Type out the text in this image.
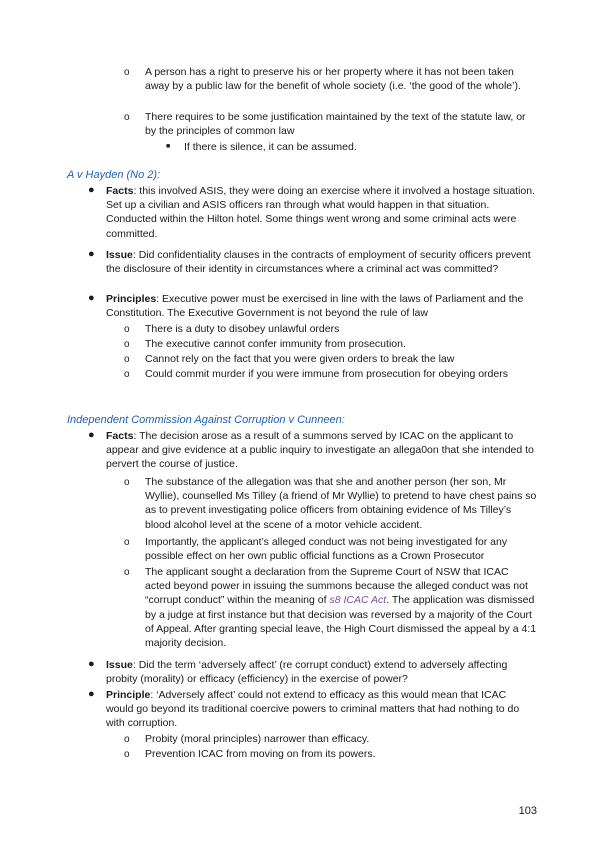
o A person has a right to preserve his or her property where it has not been taken away by a public law for the benefit of whole society (i.e. ‘the good of the whole’).
o There requires to be some justification maintained by the text of the statute law, or by the principles of common law
■ If there is silence, it can be assumed.
A v Hayden (No 2):
● Facts: this involved ASIS, they were doing an exercise where it involved a hostage situation. Set up a civilian and ASIS officers ran through what would happen in that situation. Conducted within the Hilton hotel. Some things went wrong and some criminal acts were committed.
● Issue: Did confidentiality clauses in the contracts of employment of security officers prevent the disclosure of their identity in circumstances where a criminal act was committed?
● Principles: Executive power must be exercised in line with the laws of Parliament and the Constitution. The Executive Government is not beyond the rule of law
o There is a duty to disobey unlawful orders
o The executive cannot confer immunity from prosecution.
o Cannot rely on the fact that you were given orders to break the law
o Could commit murder if you were immune from prosecution for obeying orders
Independent Commission Against Corruption v Cunneen:
● Facts: The decision arose as a result of a summons served by ICAC on the applicant to appear and give evidence at a public inquiry to investigate an allega0on that she intended to pervert the course of justice.
o The substance of the allegation was that she and another person (her son, Mr Wyllie), counselled Ms Tilley (a friend of Mr Wyllie) to pretend to have chest pains so as to prevent investigating police officers from obtaining evidence of Ms Tilley’s blood alcohol level at the scene of a motor vehicle accident.
o Importantly, the applicant’s alleged conduct was not being investigated for any possible effect on her own public official functions as a Crown Prosecutor
o The applicant sought a declaration from the Supreme Court of NSW that ICAC acted beyond power in issuing the summons because the alleged conduct was not “corrupt conduct” within the meaning of s8 ICAC Act. The application was dismissed by a judge at first instance but that decision was reversed by a majority of the Court of Appeal. After granting special leave, the High Court dismissed the appeal by a 4:1 majority decision.
● Issue: Did the term ‘adversely affect’ (re corrupt conduct) extend to adversely affecting probity (morality) or efficacy (efficiency) in the exercise of power?
● Principle: ‘Adversely affect’ could not extend to efficacy as this would mean that ICAC would go beyond its traditional coercive powers to criminal matters that had nothing to do with corruption.
o Probity (moral principles) narrower than efficacy.
o Prevention ICAC from moving on from its powers.
103
